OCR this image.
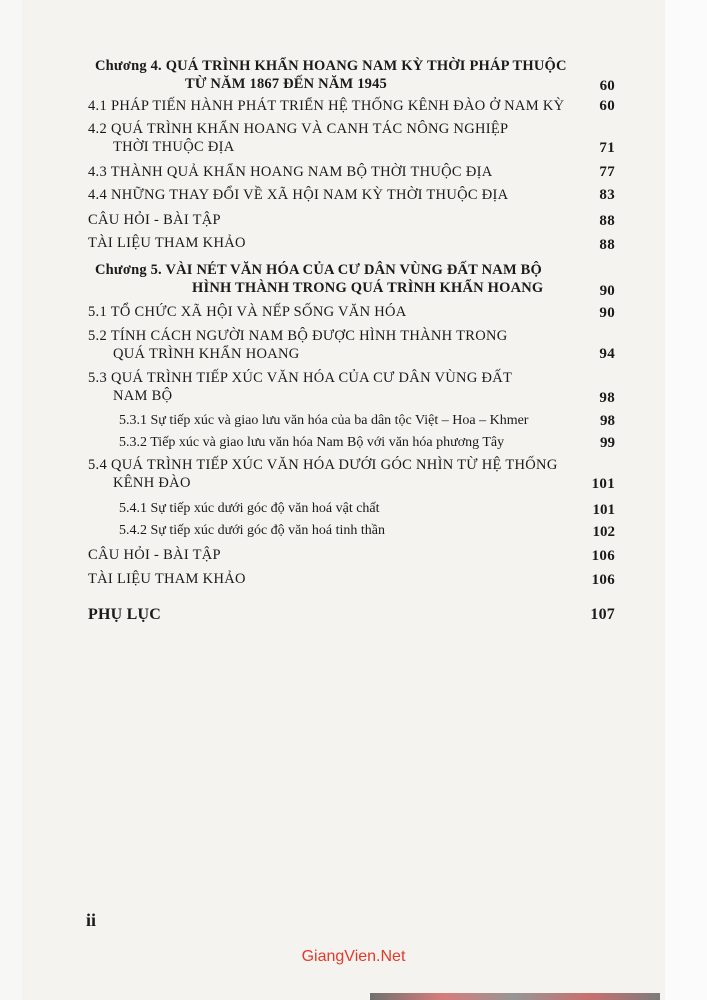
Chương 4. QUÁ TRÌNH KHẨN HOANG NAM KỲ THỜI PHÁP THUỘC
TỪ NĂM 1867 ĐẾN NĂM 1945	60
4.1 PHÁP TIẾN HÀNH PHÁT TRIỂN HỆ THỐNG KÊNH ĐÀO Ở NAM KỲ 60
4.2 QUÁ TRÌNH KHẨN HOANG VÀ CANH TÁC NÔNG NGHIỆP
THỜI THUỘC ĐỊA	71
4.3 THÀNH QUẢ KHẨN HOANG NAM BỘ THỜI THUỘC ĐỊA	77
4.4 NHỮNG THAY ĐỔI VỀ XÃ HỘI NAM KỲ THỜI THUỘC ĐỊA	83
CÂU HỎI - BÀI TẬP	88
TÀI LIỆU THAM KHẢO	88
Chương 5. VÀI NÉT VĂN HÓA CỦA CƯ DÂN VÙNG ĐẤT NAM BỘ
HÌNH THÀNH TRONG QUÁ TRÌNH KHẨN HOANG	90
5.1 TỔ CHỨC XÃ HỘI VÀ NẾP SỐNG VĂN HÓA	90
5.2 TÍNH CÁCH NGƯỜI NAM BỘ ĐƯỢC HÌNH THÀNH TRONG
QUÁ TRÌNH KHẨN HOANG	94
5.3 QUÁ TRÌNH TIẾP XÚC VĂN HÓA CỦA CƯ DÂN VÙNG ĐẤT
NAM BỘ	98
5.3.1 Sự tiếp xúc và giao lưu văn hóa của ba dân tộc Việt – Hoa – Khmer	98
5.3.2 Tiếp xúc và giao lưu văn hóa Nam Bộ với văn hóa phương Tây	99
5.4 QUÁ TRÌNH TIẾP XÚC VĂN HÓA DƯỚI GÓC NHÌN TỪ HỆ THỐNG
KÊNH ĐÀO	101
5.4.1 Sự tiếp xúc dưới góc độ văn hoá vật chất	101
5.4.2 Sự tiếp xúc dưới góc độ văn hoá tinh thần	102
CÂU HỎI - BÀI TẬP	106
TÀI LIỆU THAM KHẢO	106
PHỤ LỤC	107
ii
GiangVien.Net
